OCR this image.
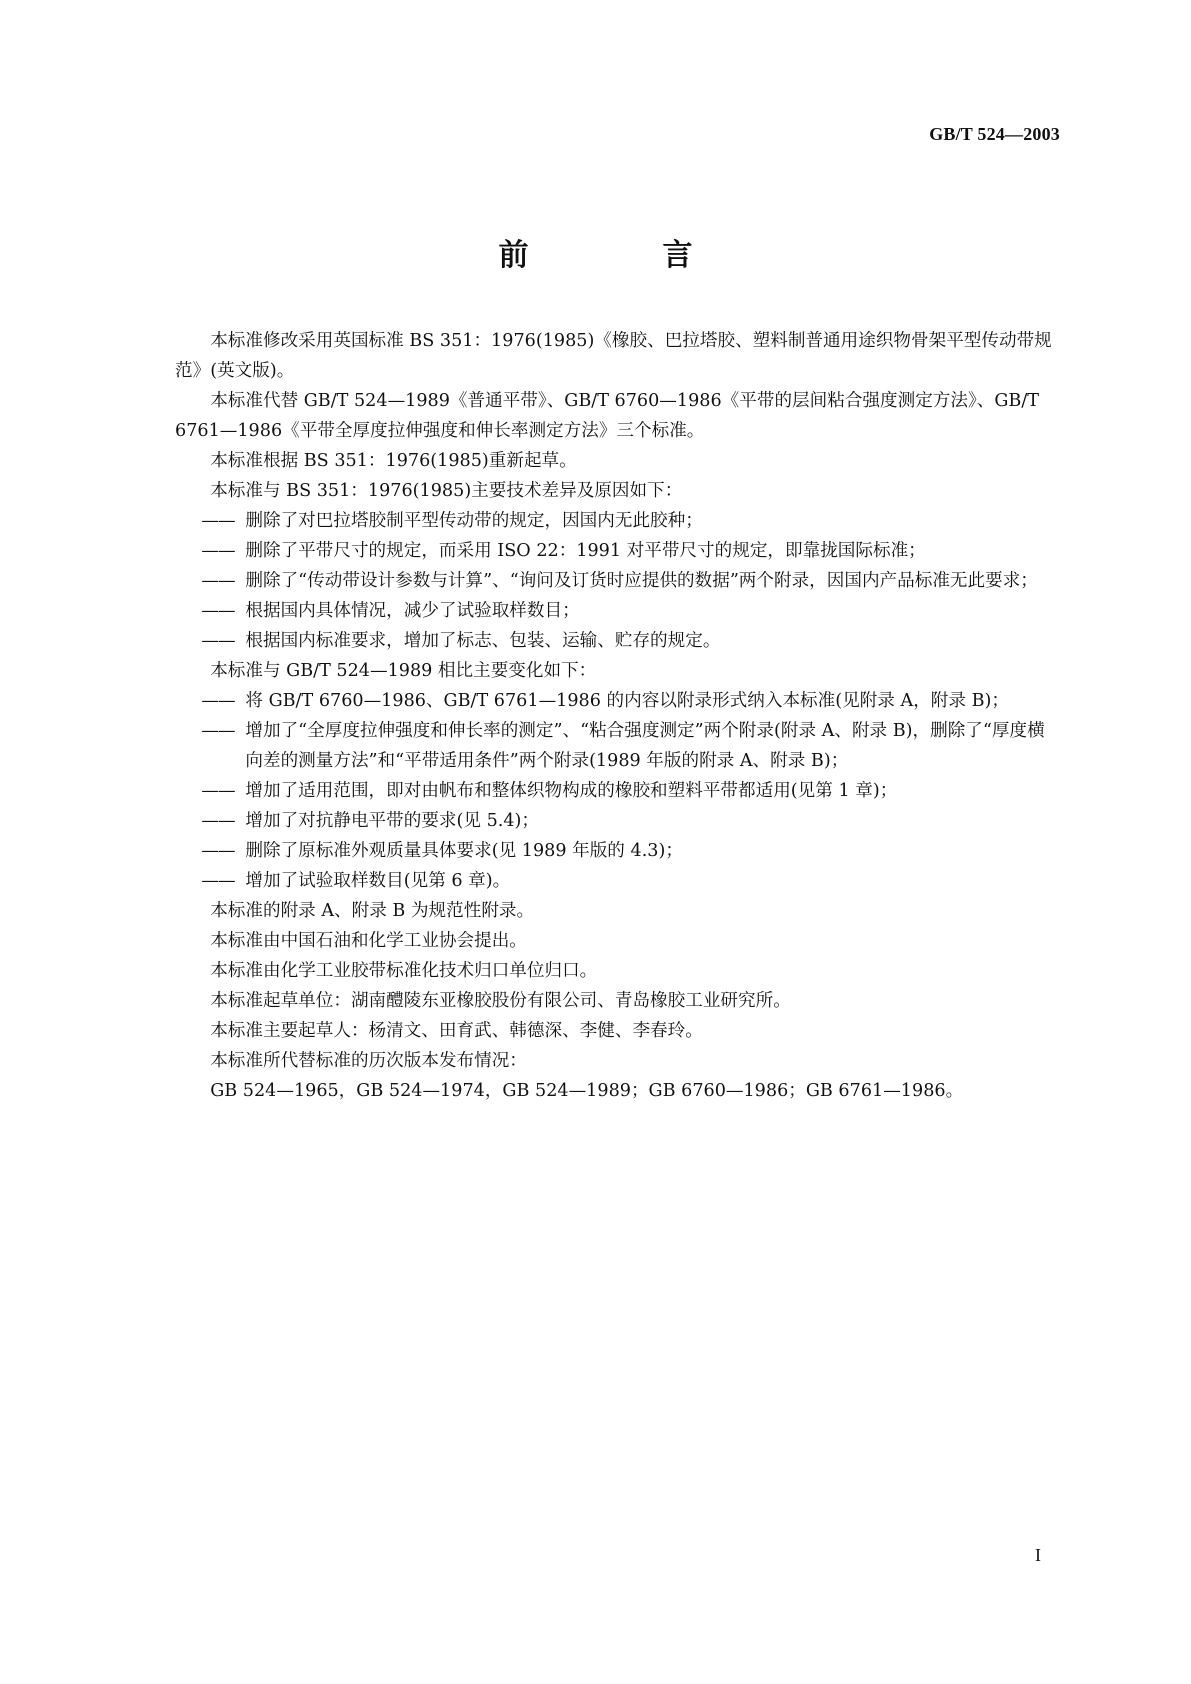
GB/T 524—2003
前　言

本标准修改采用英国标准 BS 351：1976(1985)《橡胶、巴拉塔胶、塑料制普通用途织物骨架平型传动带规范》(英文版)。

本标准代替 GB/T 524—1989《普通平带》、GB/T 6760—1986《平带的层间粘合强度测定方法》、GB/T 6761—1986《平带全厚度拉伸强度和伸长率测定方法》三个标准。

本标准根据 BS 351：1976(1985)重新起草。

本标准与 BS 351：1976(1985)主要技术差异及原因如下：

—— 删除了对巴拉塔胶制平型传动带的规定，因国内无此胶种；

—— 删除了平带尺寸的规定，而采用 ISO 22：1991 对平带尺寸的规定，即靠拢国际标准；

—— 删除了“传动带设计参数与计算”、“询问及订货时应提供的数据”两个附录，因国内产品标准无此要求；

—— 根据国内具体情况，减少了试验取样数目；

—— 根据国内标准要求，增加了标志、包装、运输、贮存的规定。

本标准与 GB/T 524—1989 相比主要变化如下：

—— 将 GB/T 6760—1986、GB/T 6761—1986 的内容以附录形式纳入本标准(见附录 A，附录 B)；

—— 增加了“全厚度拉伸强度和伸长率的测定”、“粘合强度测定”两个附录(附录 A、附录 B)，删除了“厚度横向差的测量方法”和“平带适用条件”两个附录(1989 年版的附录 A、附录 B)；

—— 增加了适用范围，即对由帆布和整体织物构成的橡胶和塑料平带都适用(见第 1 章)；

—— 增加了对抗静电平带的要求(见 5.4)；

—— 删除了原标准外观质量具体要求(见 1989 年版的 4.3)；

—— 增加了试验取样数目(见第 6 章)。

本标准的附录 A、附录 B 为规范性附录。

本标准由中国石油和化学工业协会提出。

本标准由化学工业胶带标准化技术归口单位归口。

本标准起草单位：湖南醴陵东亚橡胶股份有限公司、青岛橡胶工业研究所。

本标准主要起草人：杨清文、田育武、韩德深、李健、李春玲。

本标准所代替标准的历次版本发布情况：

GB 524—1965，GB 524—1974，GB 524—1989；GB 6760—1986；GB 6761—1986。

I
